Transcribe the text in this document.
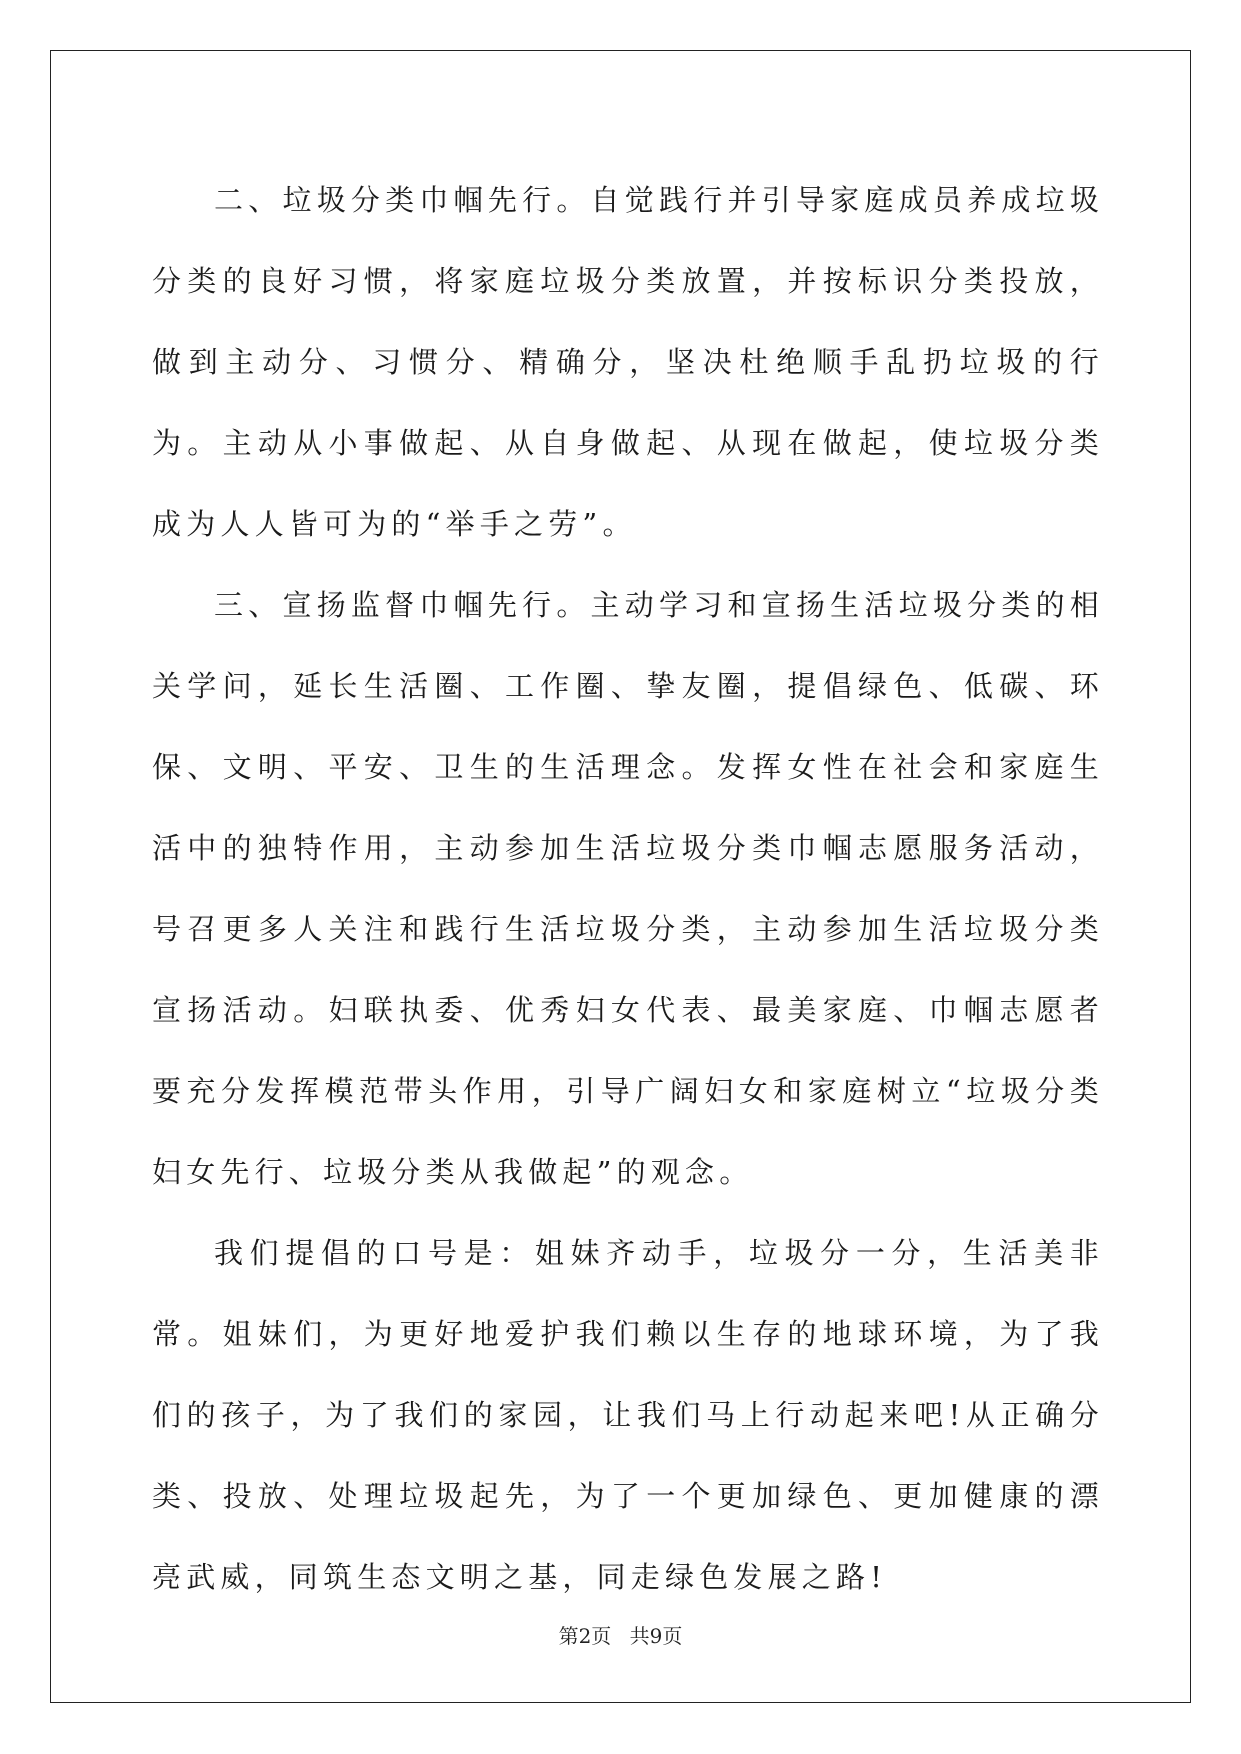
二、垃圾分类巾帼先行。自觉践行并引导家庭成员养成垃圾分类的良好习惯，将家庭垃圾分类放置，并按标识分类投放，做到主动分、习惯分、精确分，坚决杜绝顺手乱扔垃圾的行为。主动从小事做起、从自身做起、从现在做起，使垃圾分类成为人人皆可为的“举手之劳”。

三、宣扬监督巾帼先行。主动学习和宣扬生活垃圾分类的相关学问，延长生活圈、工作圈、挚友圈，提倡绿色、低碳、环保、文明、平安、卫生的生活理念。发挥女性在社会和家庭生活中的独特作用，主动参加生活垃圾分类巾帼志愿服务活动，号召更多人关注和践行生活垃圾分类，主动参加生活垃圾分类宣扬活动。妇联执委、优秀妇女代表、最美家庭、巾帼志愿者要充分发挥模范带头作用，引导广阔妇女和家庭树立“垃圾分类妇女先行、垃圾分类从我做起”的观念。

我们提倡的口号是：姐妹齐动手，垃圾分一分，生活美非常。姐妹们，为更好地爱护我们赖以生存的地球环境，为了我们的孩子，为了我们的家园，让我们马上行动起来吧!从正确分类、投放、处理垃圾起先，为了一个更加绿色、更加健康的漂亮武威，同筑生态文明之基，同走绿色发展之路!

第2页 共9页
